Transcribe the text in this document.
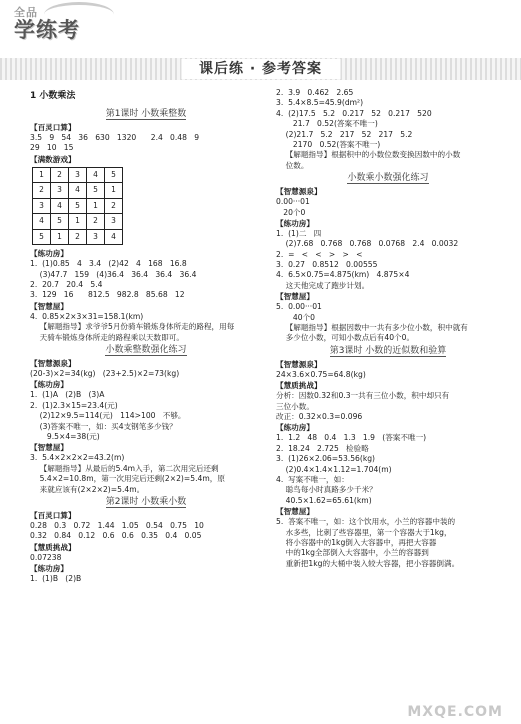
全品
学练考
课后练 · 参考答案
1 小数乘法
第1课时 小数乘整数
【百灵口算】
3.5   9   54   36   630   1320      2.4   0.48   9
29   10   15
【满数游戏】
1	2	3	4	5
2	3	4	5	1
3	4	5	1	2
4	5	1	2	3
5	1	2	3	4
【练功房】
1.  (1)0.85   4   3.4   (2)42   4   168   16.8
(3)47.7   159   (4)36.4   36.4   36.4   36.4
2.  20.7   20.4   5.4
3.  129   16      812.5   982.8   85.68   12
【智慧屋】
4.  0.85×2×3×31=158.1(km)
【解题指导】求爷爷5月份骑车锻炼身体所走的路程，用每
天骑车锻炼身体所走的路程乘以天数即可。
小数乘整数强化练习
【智慧源泉】
(20-3)×2=34(kg)   (23+2.5)×2=73(kg)
【练功房】
1.  (1)A   (2)B   (3)A
2.  (1)2.3×15=23.4(元)
(2)12×9.5=114(元)   114>100   不够。
(3)答案不唯一，如：买4支钢笔多少钱？
9.5×4=38(元)
【智慧屋】
3.  5.4×2×2×2=43.2(m)
【解题指导】从最后的5.4m入手，第二次用完后还剩
5.4×2=10.8m，第一次用完后还剩(2×2)=5.4m，原
来就应该有(2×2×2)=5.4m。
第2课时 小数乘小数
【百灵口算】
0.28   0.3   0.72   1.44   1.05   0.54   0.75   10
0.32   0.84   0.12   0.6   0.6   0.35   0.4   0.05
【慧质挑战】
0.07238
【练功房】
1.  (1)B   (2)B
2.  3.9   0.462   2.65
3.  5.4×8.5=45.9(dm²)
4.  (2)17.5   5.2   0.217   52   0.217   520
21.7   0.52(答案不唯一)
(2)21.7   5.2   217   52   217   5.2
2170   0.52(答案不唯一)
【解题指导】根据积中的小数位数变换因数中的小数
位数。
小数乘小数强化练习
【智慧源泉】
0.00···01
20个0
【练功房】
1.  (1)二   四
(2)7.68   0.768   0.768   0.0768   2.4   0.0032
2.  =   <   <   >   >   <
3.  0.27   0.8512   0.00555
4.  6.5×0.75=4.875(km)   4.875×4
这天他完成了跑步计划。
【智慧屋】
5.  0.00···01
40个0
【解题指导】根据因数中一共有多少位小数，积中就有
多少位小数，可知小数点后有40个0。
第3课时 小数的近似数和验算
【智慧源泉】
24×3.6×0.75=64.8(kg)
【慧质挑战】
分析：因数0.32和0.3一共有三位小数，积中却只有
三位小数。
改正：0.32×0.3=0.096
【练功房】
1.  1.2   48   0.4   1.3   1.9   (答案不唯一)
2.  18.24   2.725   检验略
3.  (1)26×2.06=53.56(kg)
(2)0.4×1.4×1.12=1.704(m)
4.  写案不唯一，如：
聪鸟每小时真路多少千米？
40.5×1.62=65.61(km)
【智慧屋】
5.  答案不唯一，如：这个饮用水，小兰的容器中装的
水多些，比刺了些容器里，第一个容器大于1kg，
将小容器中的1kg倒入大容器中，再把大容器
中的1kg全部倒入大容器中，小兰的容器到
重新把1kg的大桶中装入较大容器，把小容器倒满。
MXQE.COM
